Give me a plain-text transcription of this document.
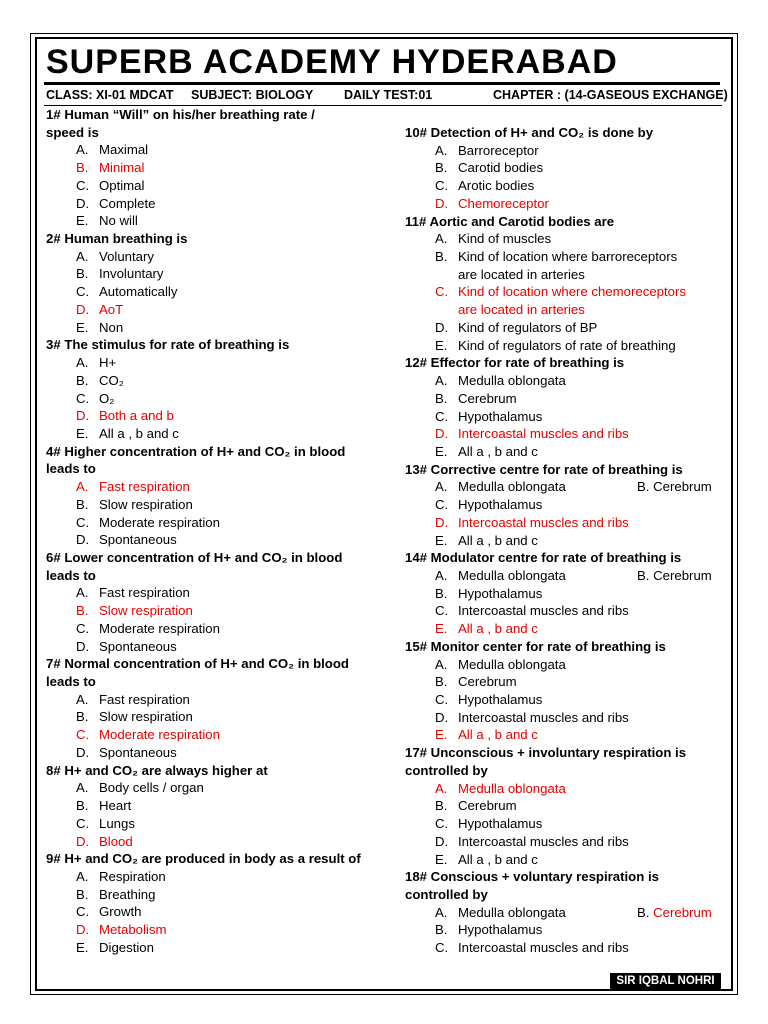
SUPERB ACADEMY HYDERABAD
CLASS: XI-01 MDCAT SUBJECT: BIOLOGY DAILY TEST:01	CHAPTER : (14-GASEOUS EXCHANGE)
1# Human “Will” on his/her breathing rate /
speed is
A. Maximal
B. Minimal
C. Optimal
D. Complete
E. No will
2# Human breathing is
A. Voluntary
B. Involuntary
C. Automatically
D. AoT
E. Non
3# The stimulus for rate of breathing is
A. H+
B. CO₂
C. O₂
D. Both a and b
E. All a , b and c
4# Higher concentration of H+ and CO₂ in blood
leads to
A. Fast respiration
B. Slow respiration
C. Moderate respiration
D. Spontaneous
6# Lower concentration of H+ and CO₂ in blood
leads to
A. Fast respiration
B. Slow respiration
C. Moderate respiration
D. Spontaneous
7# Normal concentration of H+ and CO₂ in blood
leads to
A. Fast respiration
B. Slow respiration
C. Moderate respiration
D. Spontaneous
8# H+ and CO₂ are always higher at
A. Body cells / organ
B. Heart
C. Lungs
D. Blood
9# H+ and CO₂ are produced in body as a result of
A. Respiration
B. Breathing
C. Growth
D. Metabolism
E. Digestion
10# Detection of H+ and CO₂ is done by
A. Barroreceptor
B. Carotid bodies
C. Arotic bodies
D. Chemoreceptor
11# Aortic and Carotid bodies are
A. Kind of muscles
B. Kind of location where barroreceptors
are located in arteries
C. Kind of location where chemoreceptors
are located in arteries
D. Kind of regulators of BP
E. Kind of regulators of rate of breathing
12# Effector for rate of breathing is
A. Medulla oblongata
B. Cerebrum
C. Hypothalamus
D. Intercoastal muscles and ribs
E. All a , b and c
13# Corrective centre for rate of breathing is
A. Medulla oblongata	B. Cerebrum
C. Hypothalamus
D. Intercoastal muscles and ribs
E. All a , b and c
14# Modulator centre for rate of breathing is
A. Medulla oblongata	B. Cerebrum
B. Hypothalamus
C. Intercoastal muscles and ribs
E. All a , b and c
15# Monitor center for rate of breathing is
A. Medulla oblongata
B. Cerebrum
C. Hypothalamus
D. Intercoastal muscles and ribs
E. All a , b and c
17# Unconscious + involuntary respiration is
controlled by
A. Medulla oblongata
B. Cerebrum
C. Hypothalamus
D. Intercoastal muscles and ribs
E. All a , b and c
18# Conscious + voluntary respiration is
controlled by
A. Medulla oblongata	B. Cerebrum
B. Hypothalamus
C. Intercoastal muscles and ribs
SIR IQBAL NOHRI
